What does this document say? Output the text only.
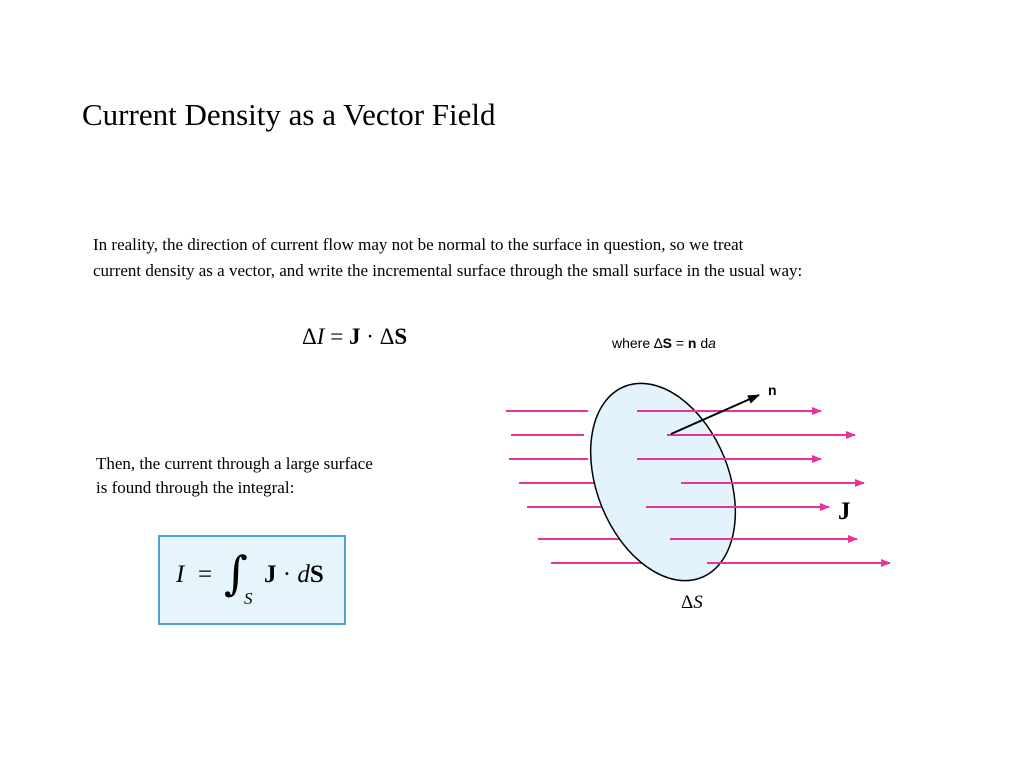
Current Density as a Vector Field
In reality, the direction of current flow may not be normal to the surface in question, so we treat
current density as a vector, and write the incremental surface through the small surface in the usual way:
ΔI = J · ΔS	where ∆S = n da
Then, the current through a large surface
is found through the integral:
I = ∫
S
J · dS
n
J
ΔS
